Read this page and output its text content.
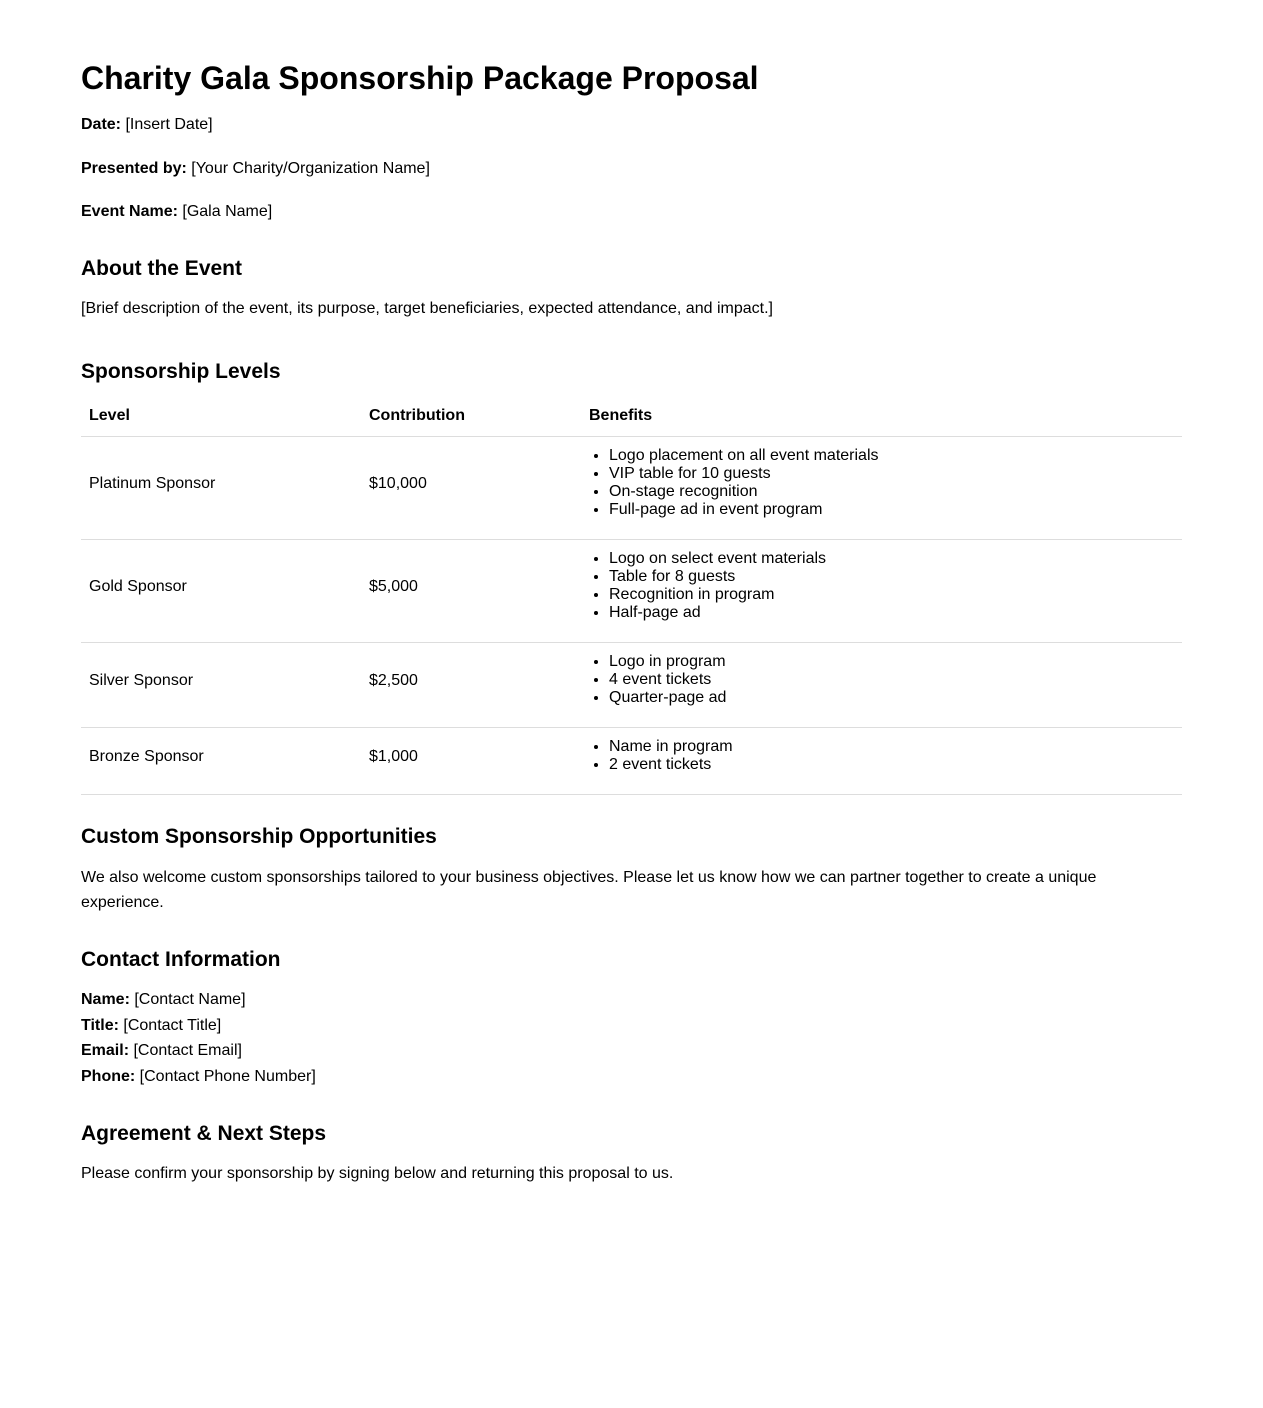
Charity Gala Sponsorship Package Proposal

Date: [Insert Date]

Presented by: [Your Charity/Organization Name]

Event Name: [Gala Name]

About the Event

[Brief description of the event, its purpose, target beneficiaries, expected attendance, and impact.]

Sponsorship Levels
Level	Contribution	Benefits
Platinum Sponsor	$10,000	
• Logo placement on all event materials
• VIP table for 10 guests
• On-stage recognition
• Full-page ad in event program

Gold Sponsor	$5,000	
• Logo on select event materials
• Table for 8 guests
• Recognition in program
• Half-page ad

Silver Sponsor	$2,500	
• Logo in program
• 4 event tickets
• Quarter-page ad

Bronze Sponsor	$1,000	
• Name in program
• 2 event tickets
Custom Sponsorship Opportunities

We also welcome custom sponsorships tailored to your business objectives. Please let us know how we can partner together to create a unique experience.

Contact Information

Name: [Contact Name]

Title: [Contact Title]

Email: [Contact Email]

Phone: [Contact Phone Number]

Agreement & Next Steps

Please confirm your sponsorship by signing below and returning this proposal to us.
